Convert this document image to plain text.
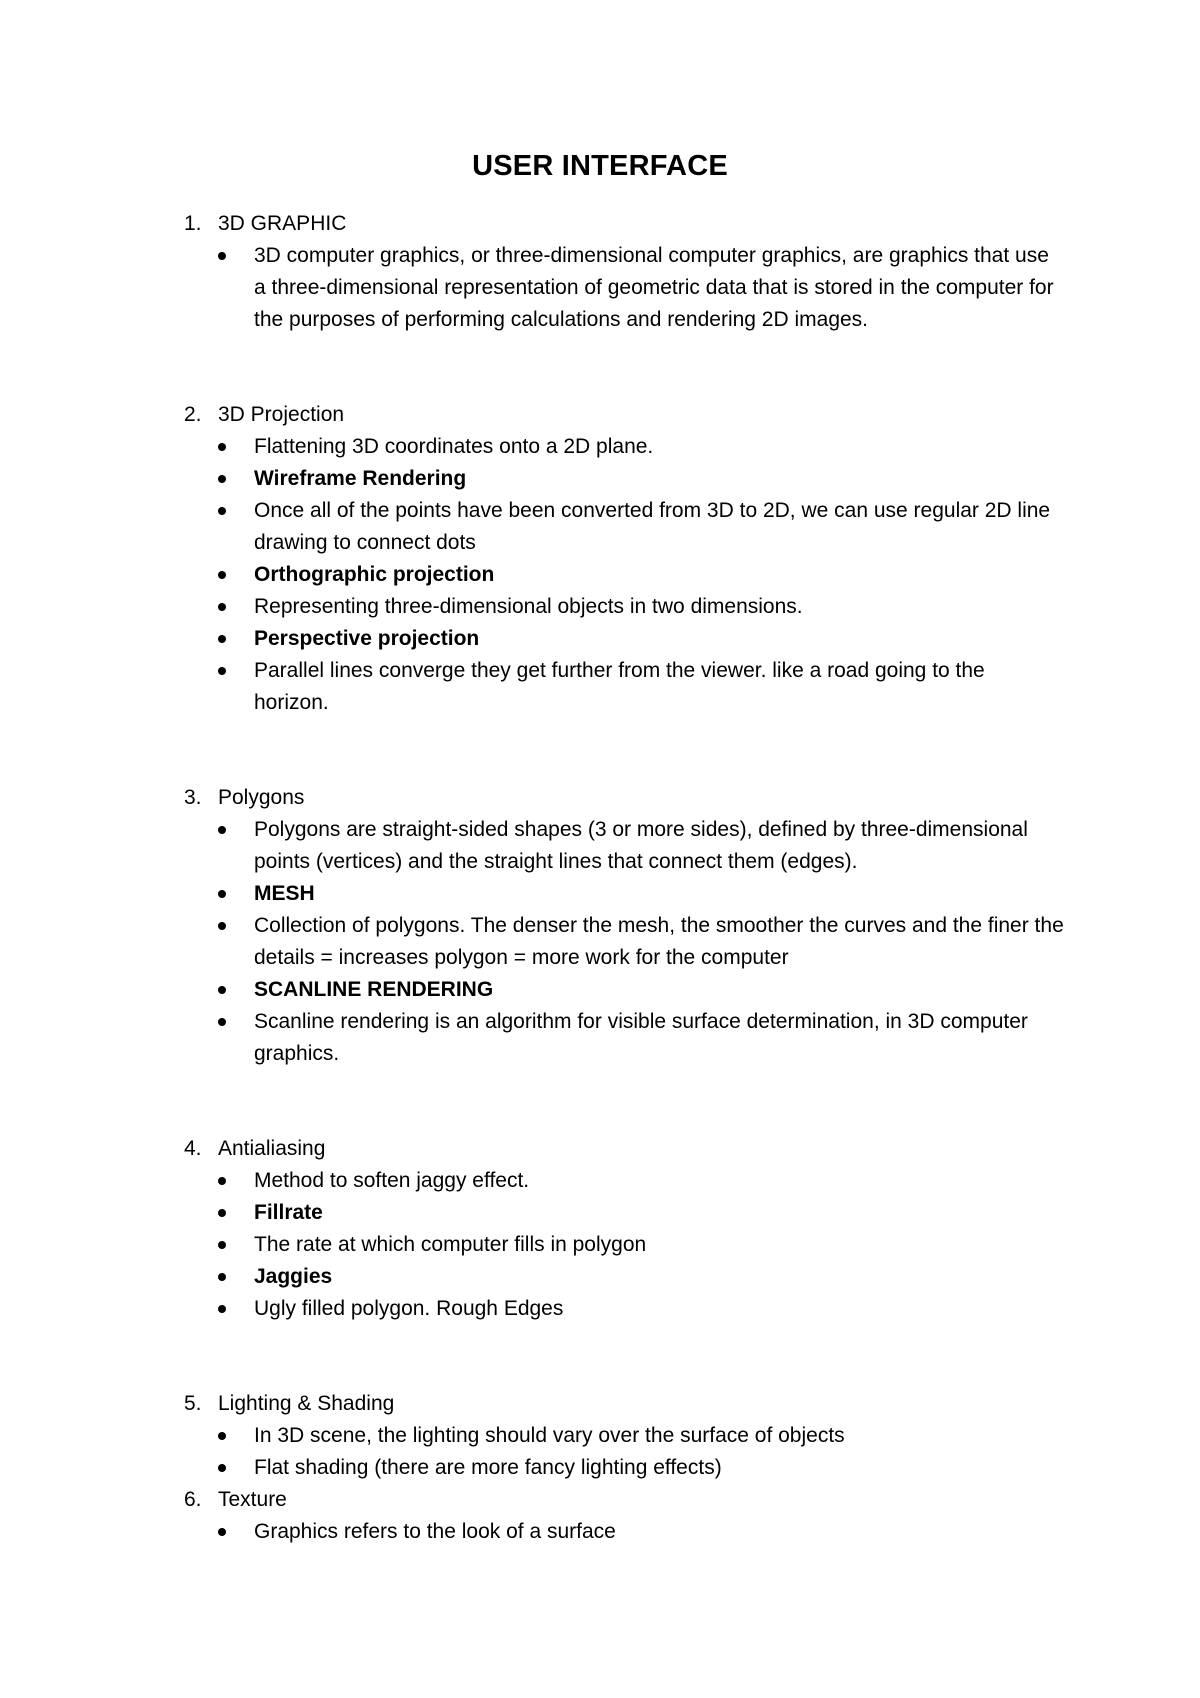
USER INTERFACE
1. 3D GRAPHIC
3D computer graphics, or three-dimensional computer graphics, are graphics that use a three-dimensional representation of geometric data that is stored in the computer for the purposes of performing calculations and rendering 2D images.
2. 3D Projection
Flattening 3D coordinates onto a 2D plane.
Wireframe Rendering
Once all of the points have been converted from 3D to 2D, we can use regular 2D line drawing to connect dots
Orthographic projection
Representing three-dimensional objects in two dimensions.
Perspective projection
Parallel lines converge they get further from the viewer. like a road going to the horizon.
3. Polygons
Polygons are straight-sided shapes (3 or more sides), defined by three-dimensional points (vertices) and the straight lines that connect them (edges).
MESH
Collection of polygons. The denser the mesh, the smoother the curves and the finer the details = increases polygon = more work for the computer
SCANLINE RENDERING
Scanline rendering is an algorithm for visible surface determination, in 3D computer graphics.
4. Antialiasing
Method to soften jaggy effect.
Fillrate
The rate at which computer fills in polygon
Jaggies
Ugly filled polygon. Rough Edges
5. Lighting & Shading
In 3D scene, the lighting should vary over the surface of objects
Flat shading (there are more fancy lighting effects)
6. Texture
Graphics refers to the look of a surface
